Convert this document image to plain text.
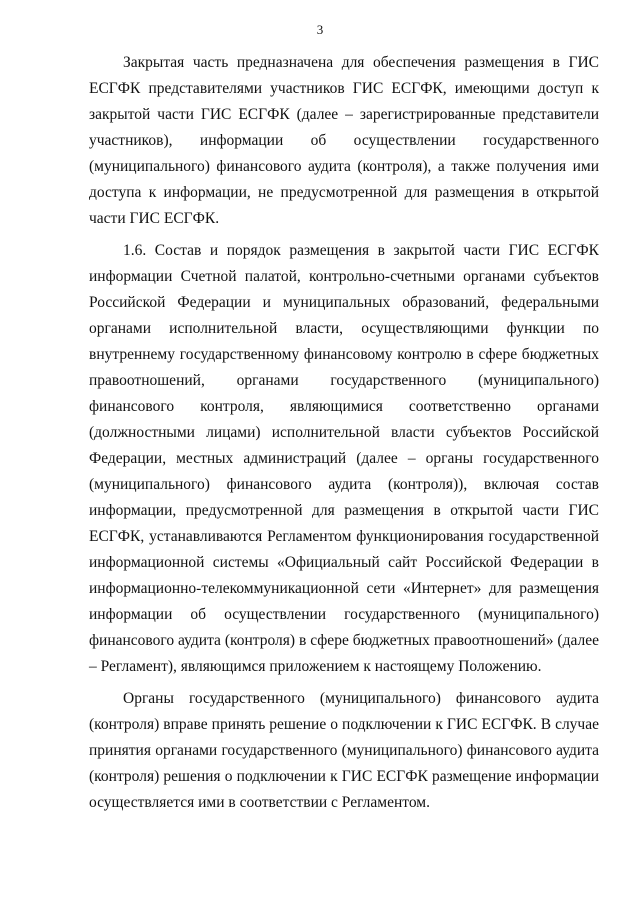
3

Закрытая часть предназначена для обеспечения размещения в ГИС ЕСГФК представителями участников ГИС ЕСГФК, имеющими доступ к закрытой части ГИС ЕСГФК (далее – зарегистрированные представители участников), информации об осуществлении государственного (муниципального) финансового аудита (контроля), а также получения ими доступа к информации, не предусмотренной для размещения в открытой части ГИС ЕСГФК.

1.6. Состав и порядок размещения в закрытой части ГИС ЕСГФК информации Счетной палатой, контрольно-счетными органами субъектов Российской Федерации и муниципальных образований, федеральными органами исполнительной власти, осуществляющими функции по внутреннему государственному финансовому контролю в сфере бюджетных правоотношений, органами государственного (муниципального) финансового контроля, являющимися соответственно органами (должностными лицами) исполнительной власти субъектов Российской Федерации, местных администраций (далее – органы государственного (муниципального) финансового аудита (контроля)), включая состав информации, предусмотренной для размещения в открытой части ГИС ЕСГФК, устанавливаются Регламентом функционирования государственной информационной системы «Официальный сайт Российской Федерации в информационно-телекоммуникационной сети «Интернет» для размещения информации об осуществлении государственного (муниципального) финансового аудита (контроля) в сфере бюджетных правоотношений» (далее – Регламент), являющимся приложением к настоящему Положению.

Органы государственного (муниципального) финансового аудита (контроля) вправе принять решение о подключении к ГИС ЕСГФК. В случае принятия органами государственного (муниципального) финансового аудита (контроля) решения о подключении к ГИС ЕСГФК размещение информации осуществляется ими в соответствии с Регламентом.
